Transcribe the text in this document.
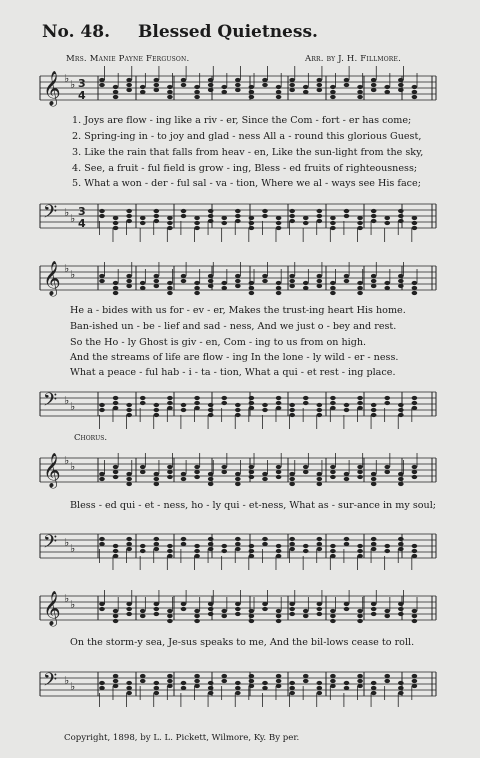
No. 48. Blessed Quietness.
Mrs. Manie Payne Ferguson.	Arr. by J. H. Fillmore.
𝄞 ♭ ♭ 3
4
1. Joys are flow - ing like a riv - er, Since the Com - fort - er has come;
2. Spring-ing in - to joy and glad - ness All a - round this glorious Guest,
3. Like the rain that falls from heav - en, Like the sun-light from the sky,
4. See, a fruit - ful field is grow - ing, Bless - ed fruits of righteousness;
5. What a won - der - ful sal - va - tion, Where we al - ways see His face;
𝄢 ♭ ♭
3
4
𝄞 ♭ ♭
He a - bides with us for - ev - er, Makes the trust-ing heart His home.
Ban-ished un - be - lief and sad - ness, And we just o - bey and rest.
So the Ho - ly Ghost is giv - en, Com - ing to us from on high.
And the streams of life are flow - ing In the lone - ly wild - er - ness.
What a peace - ful hab - i - ta - tion, What a qui - et rest - ing place.
𝄢 ♭ ♭
Chorus.
𝄞 ♭ ♭
Bless - ed qui - et - ness, ho - ly qui - et-ness, What as - sur-ance in my soul;
𝄢 ♭ ♭
𝄞 ♭ ♭
On the storm-y sea, Je-sus speaks to me, And the bil-lows cease to roll.
𝄢 ♭ ♭
Copyright, 1898, by L. L. Pickett, Wilmore, Ky. By per.
